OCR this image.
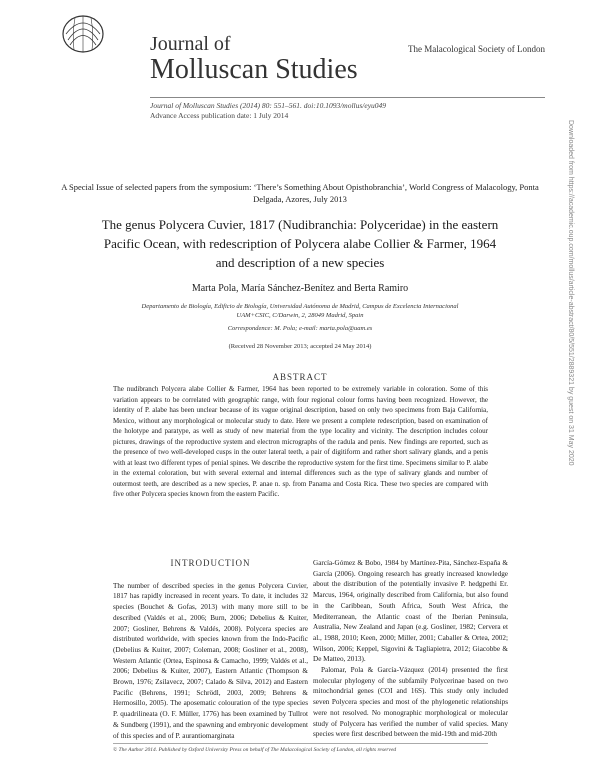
Journal of
Molluscan Studies
The Malacological Society of London
Journal of Molluscan Studies (2014) 80: 551–561. doi:10.1093/mollus/eyu049
Advance Access publication date: 1 July 2014
A Special Issue of selected papers from the symposium: ‘There’s Something About Opisthobranchia’, World Congress of Malacology, Ponta Delgada, Azores, July 2013
The genus Polycera Cuvier, 1817 (Nudibranchia: Polyceridae) in the eastern Pacific Ocean, with redescription of Polycera alabe Collier & Farmer, 1964 and description of a new species
Marta Pola, María Sánchez-Benítez and Berta Ramiro
Departamento de Biología, Edificio de Biología, Universidad Autónoma de Madrid, Campus de Excelencia Internacional UAM+CSIC, C/Darwin, 2, 28049 Madrid, Spain
Correspondence: M. Pola; e-mail: marta.pola@uam.es
(Received 28 November 2013; accepted 24 May 2014)
ABSTRACT
The nudibranch Polycera alabe Collier & Farmer, 1964 has been reported to be extremely variable in coloration. Some of this variation appears to be correlated with geographic range, with four regional colour forms having been recognized. However, the identity of P. alabe has been unclear because of its vague original description, based on only two specimens from Baja California, Mexico, without any morphological or molecular study to date. Here we present a complete redescription, based on examination of the holotype and paratype, as well as study of new material from the type locality and vicinity. The description includes colour pictures, drawings of the reproductive system and electron micrographs of the radula and penis. New findings are reported, such as the presence of two well-developed cusps in the outer lateral teeth, a pair of digitiform and rather short salivary glands, and a penis with at least two different types of penial spines. We describe the reproductive system for the first time. Specimens similar to P. alabe in the external coloration, but with several external and internal differences such as the type of salivary glands and number of outermost teeth, are described as a new species, P. anae n. sp. from Panama and Costa Rica. These two species are compared with five other Polycera species known from the eastern Pacific.
INTRODUCTION

The number of described species in the genus Polycera Cuvier, 1817 has rapidly increased in recent years. To date, it includes 32 species (Bouchet & Gofas, 2013) with many more still to be described (Valdés et al., 2006; Burn, 2006; Debelius & Kuiter, 2007; Gosliner, Behrens & Valdés, 2008). Polycera species are distributed worldwide, with species known from the Indo-Pacific (Debelius & Kuiter, 2007; Coleman, 2008; Gosliner et al., 2008), Western Atlantic (Ortea, Espinosa & Camacho, 1999; Valdés et al., 2006; Debelius & Kuiter, 2007), Eastern Atlantic (Thompson & Brown, 1976; Zsilavecz, 2007; Calado & Silva, 2012) and Eastern Pacific (Behrens, 1991; Schrödl, 2003, 2009; Behrens & Hermosillo, 2005). The aposematic colouration of the type species P. quadrilineata (O. F. Müller, 1776) has been examined by Tullrot & Sundberg (1991), and the spawning and embryonic development of this species and of P. aurantiomarginata

García-Gómez & Bobo, 1984 by Martínez-Pita, Sánchez-España & García (2006). Ongoing research has greatly increased knowledge about the distribution of the potentially invasive P. hedgpethi Er. Marcus, 1964, originally described from California, but also found in the Caribbean, South Africa, South West Africa, the Mediterranean, the Atlantic coast of the Iberian Peninsula, Australia, New Zealand and Japan (e.g. Gosliner, 1982; Cervera et al., 1988, 2010; Keen, 2000; Miller, 2001; Caballer & Ortea, 2002; Wilson, 2006; Keppel, Sigovini & Tagliapietra, 2012; Giacobbe & De Matteo, 2013).

Palomar, Pola & García-Vázquez (2014) presented the first molecular phylogeny of the subfamily Polycerinae based on two mitochondrial genes (COI and 16S). This study only included seven Polycera species and most of the phylogenetic relationships were not resolved. No monographic morphological or molecular study of Polycera has verified the number of valid species. Many species were first described between the mid-19th and mid-20th

© The Author 2014. Published by Oxford University Press on behalf of The Malacological Society of London, all rights reserved
Downloaded from https://academic.oup.com/mollus/article-abstract/80/5/551/2889321 by guest on 31 May 2020
